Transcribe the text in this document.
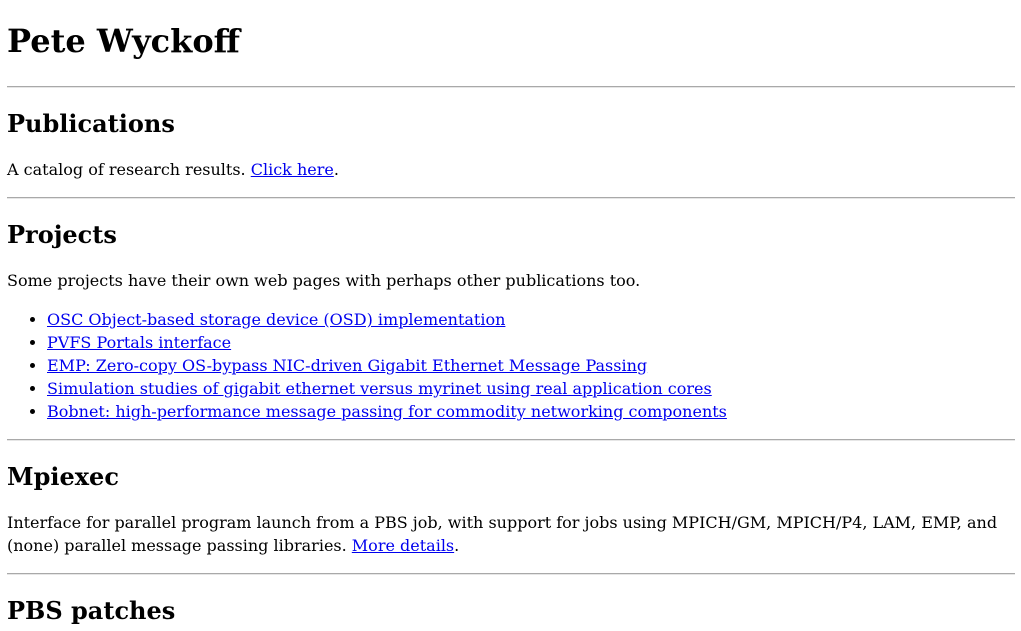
Pete Wyckoff
Publications

A catalog of research results. Click here.

Projects

Some projects have their own web pages with perhaps other publications too.

• OSC Object-based storage device (OSD) implementation
• PVFS Portals interface
• EMP: Zero-copy OS-bypass NIC-driven Gigabit Ethernet Message Passing
• Simulation studies of gigabit ethernet versus myrinet using real application cores
• Bobnet: high-performance message passing for commodity networking components
Mpiexec

Interface for parallel program launch from a PBS job, with support for jobs using MPICH/GM, MPICH/P4, LAM, EMP, and (none) parallel message passing libraries. More details.

PBS patches
